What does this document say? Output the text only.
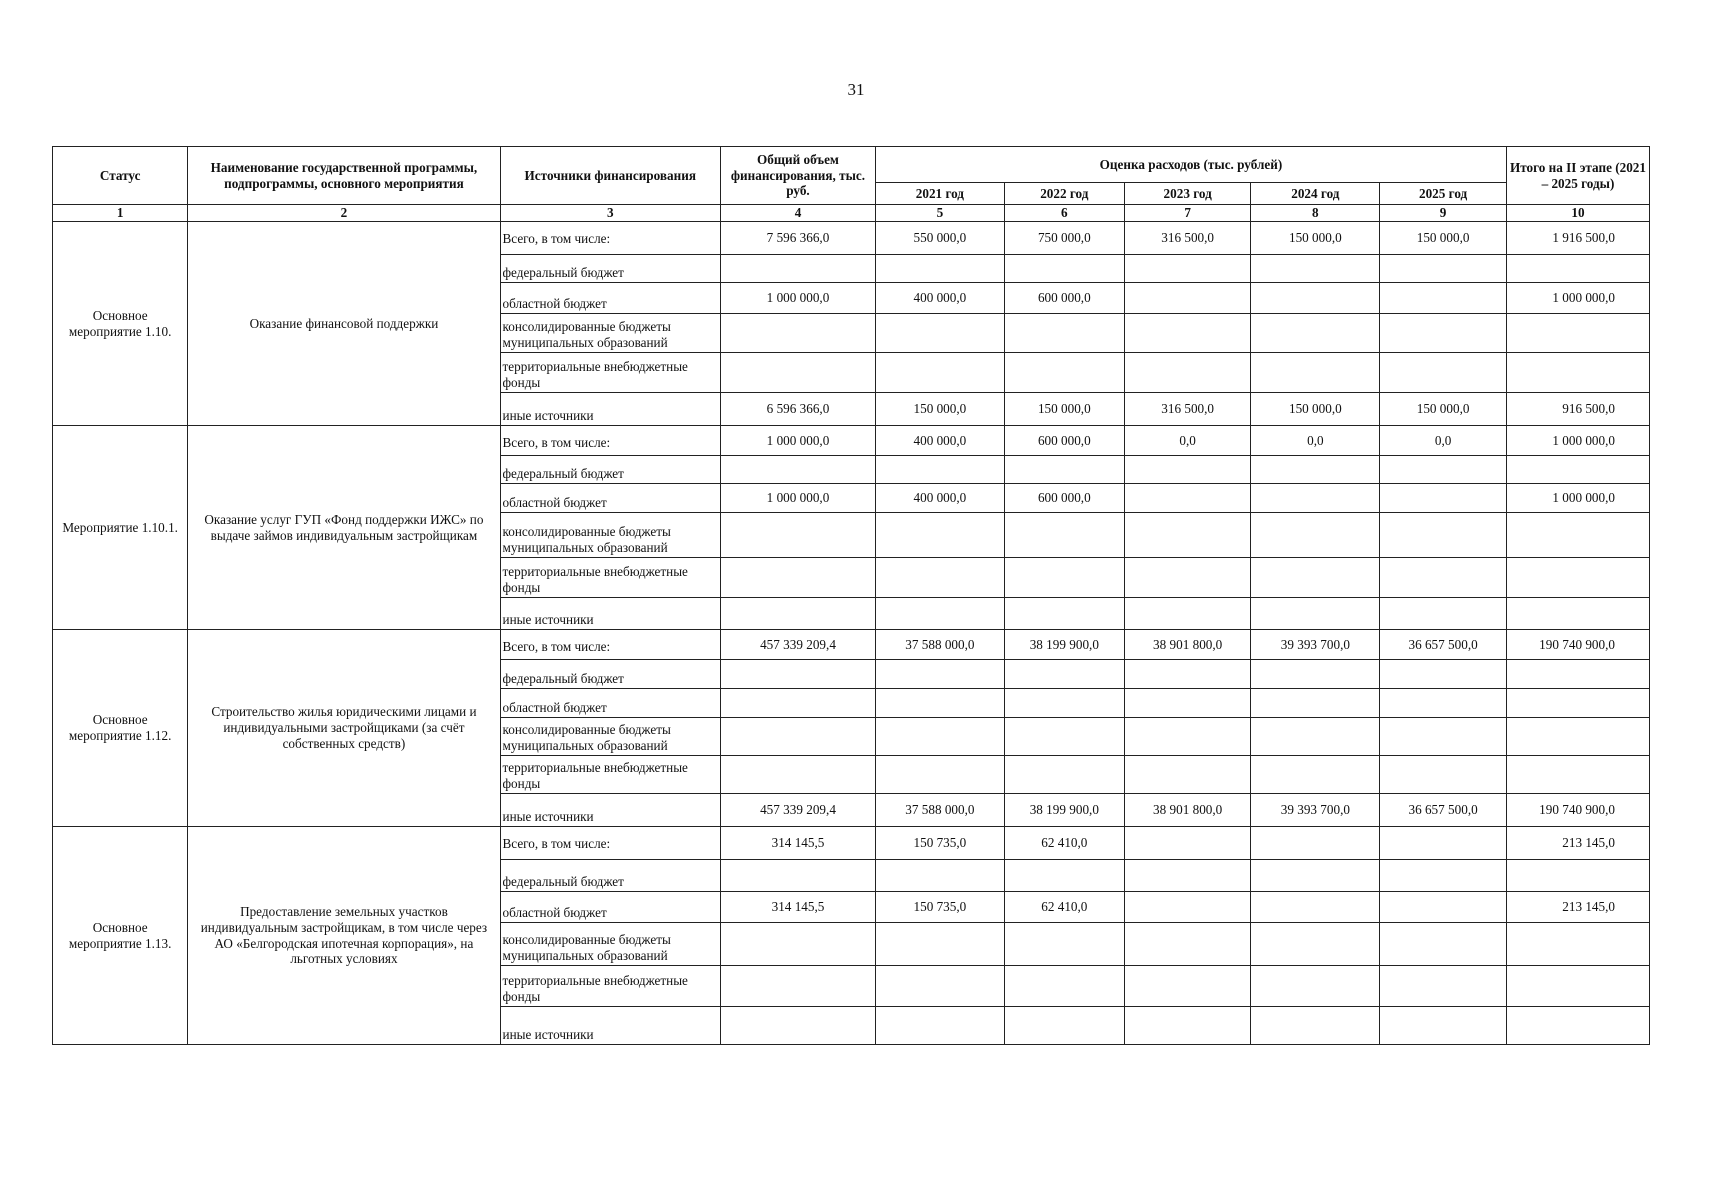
31
Статус	Наименование государственной программы, подпрограммы, основного мероприятия	Источники финансирования	Общий объем финансирования, тыс. руб.	Оценка расходов (тыс. рублей)					Итого на II этапе (2021 – 2025 годы)
				2021 год	2022 год	2023 год	2024 год	2025 год	
1	2	3	4	5	6	7	8	9	10
Основное мероприятие 1.10.	Оказание финансовой поддержки	Всего, в том числе:	7 596 366,0	550 000,0	750 000,0	316 500,0	150 000,0	150 000,0	1 916 500,0
		федеральный бюджет							
		областной бюджет	1 000 000,0	400 000,0	600 000,0				1 000 000,0
		консолидированные бюджеты муниципальных образований							
		территориальные внебюджетные фонды							
		иные источники	6 596 366,0	150 000,0	150 000,0	316 500,0	150 000,0	150 000,0	916 500,0
Мероприятие 1.10.1.	Оказание услуг ГУП «Фонд поддержки ИЖС» по выдаче займов индивидуальным застройщикам	Всего, в том числе:	1 000 000,0	400 000,0	600 000,0	0,0	0,0	0,0	1 000 000,0
		федеральный бюджет							
		областной бюджет	1 000 000,0	400 000,0	600 000,0				1 000 000,0
		консолидированные бюджеты муниципальных образований							
		территориальные внебюджетные фонды							
		иные источники							
Основное мероприятие 1.12.	Строительство жилья юридическими лицами и индивидуальными застройщиками (за счёт собственных средств)	Всего, в том числе:	457 339 209,4	37 588 000,0	38 199 900,0	38 901 800,0	39 393 700,0	36 657 500,0	190 740 900,0
		федеральный бюджет							
		областной бюджет							
		консолидированные бюджеты муниципальных образований							
		территориальные внебюджетные фонды							
		иные источники	457 339 209,4	37 588 000,0	38 199 900,0	38 901 800,0	39 393 700,0	36 657 500,0	190 740 900,0
Основное мероприятие 1.13.	Предоставление земельных участков индивидуальным застройщикам, в том числе через АО «Белгородская ипотечная корпорация», на льготных условиях	Всего, в том числе:	314 145,5	150 735,0	62 410,0				213 145,0
		федеральный бюджет							
		областной бюджет	314 145,5	150 735,0	62 410,0				213 145,0
		консолидированные бюджеты муниципальных образований							
		территориальные внебюджетные фонды							
		иные источники							
